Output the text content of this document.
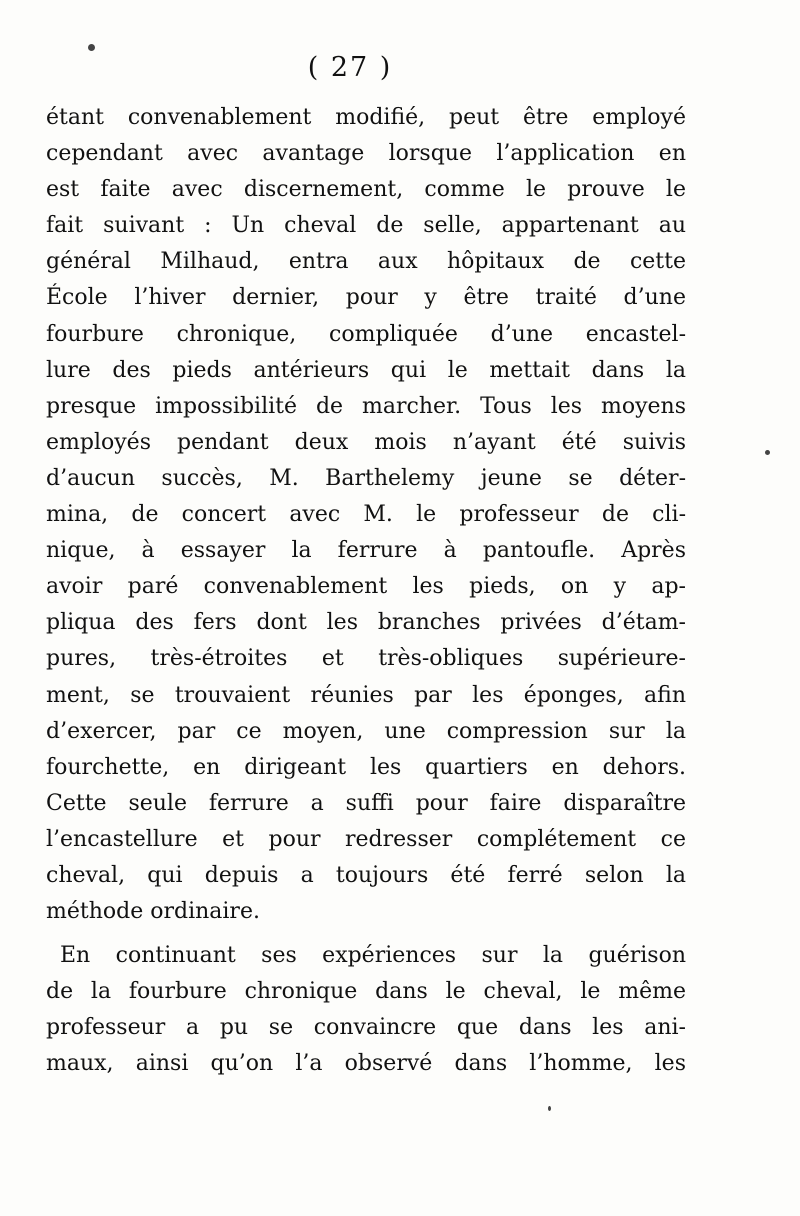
( 27 )
étant convenablement modifié, peut être employé
cependant avec avantage lorsque l’application en
est faite avec discernement, comme le prouve le
fait suivant : Un cheval de selle, appartenant au
général Milhaud, entra aux hôpitaux de cette
École l’hiver dernier, pour y être traité d’une
fourbure chronique, compliquée d’une encastel-
lure des pieds antérieurs qui le mettait dans la
presque impossibilité de marcher. Tous les moyens
employés pendant deux mois n’ayant été suivis
d’aucun succès, M. Barthelemy jeune se déter-
mina, de concert avec M. le professeur de cli-
nique, à essayer la ferrure à pantoufle. Après
avoir paré convenablement les pieds, on y ap-
pliqua des fers dont les branches privées d’étam-
pures, très-étroites et très-obliques supérieure-
ment, se trouvaient réunies par les éponges, afin
d’exercer, par ce moyen, une compression sur la
fourchette, en dirigeant les quartiers en dehors.
Cette seule ferrure a suffi pour faire disparaître
l’encastellure et pour redresser complétement ce
cheval, qui depuis a toujours été ferré selon la
méthode ordinaire.
En continuant ses expériences sur la guérison
de la fourbure chronique dans le cheval, le même
professeur a pu se convaincre que dans les ani-
maux, ainsi qu’on l’a observé dans l’homme, les
